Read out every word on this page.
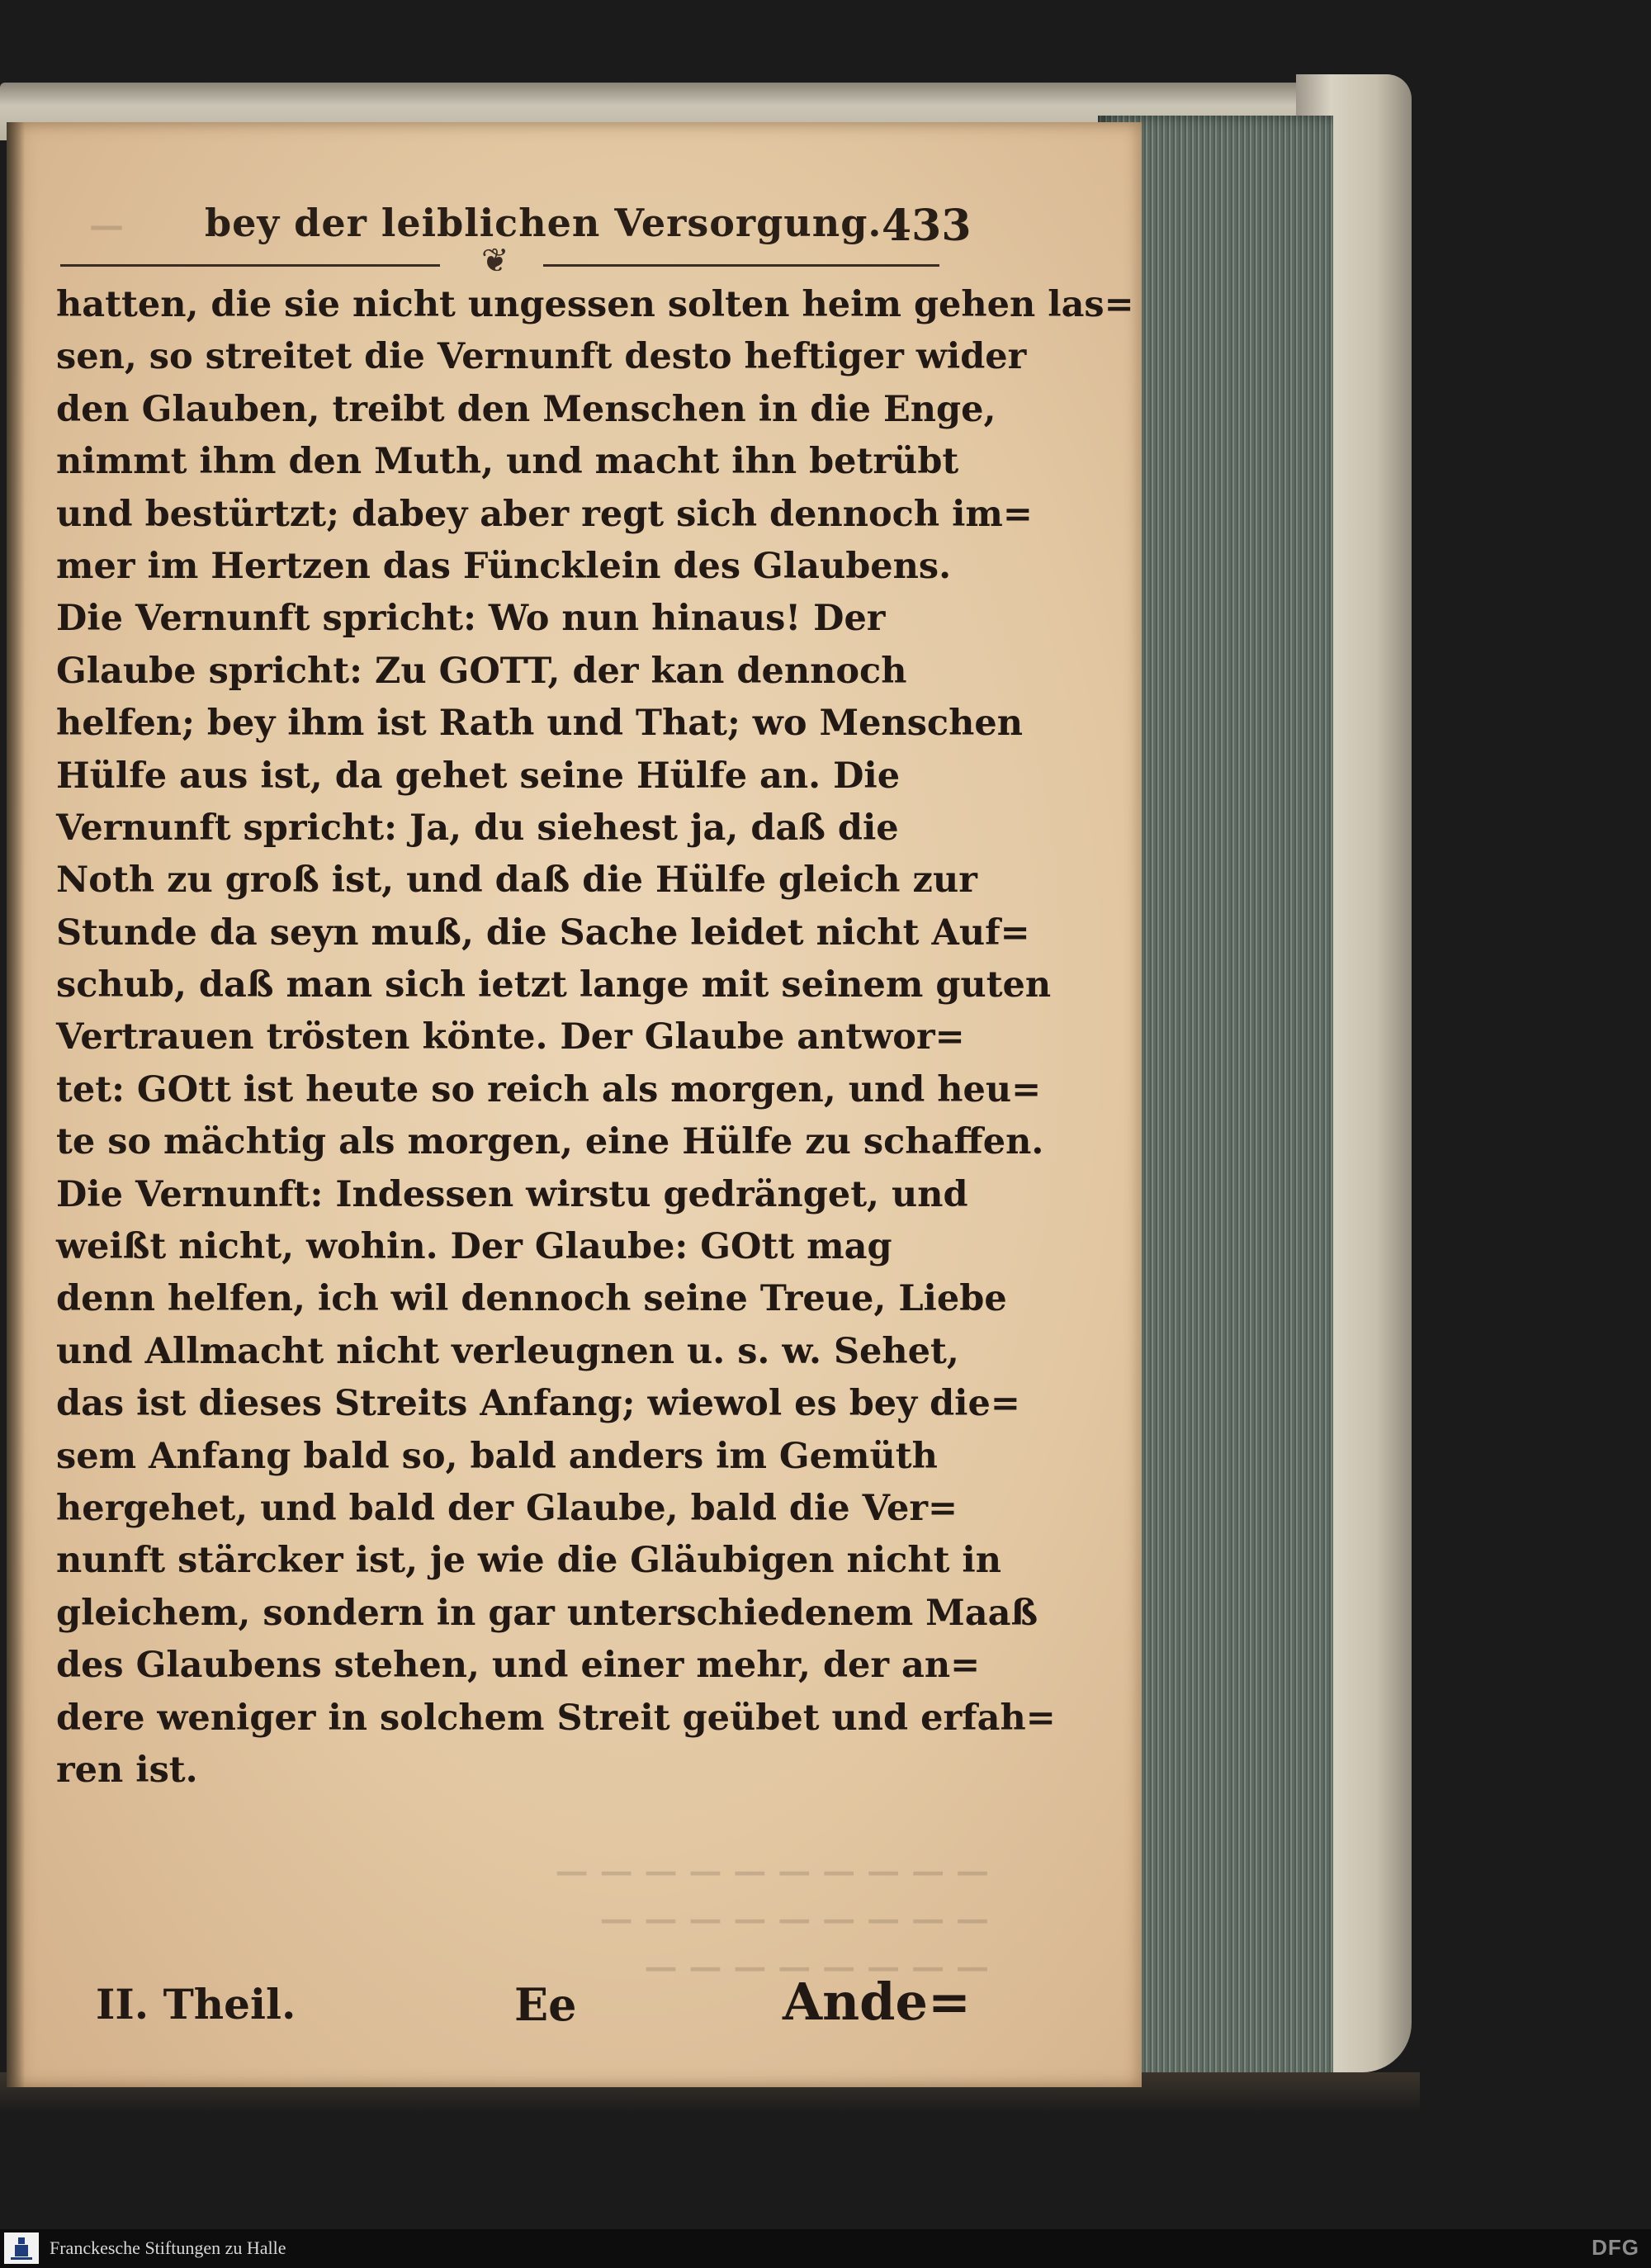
— bey der leiblichen Versorgung. 433
❦
hatten, die sie nicht ungessen solten heim gehen las=
sen, so streitet die Vernunft desto heftiger wider
den Glauben, treibt den Menschen in die Enge,
nimmt ihm den Muth, und macht ihn betrübt
und bestürtzt; dabey aber regt sich dennoch im=
mer im Hertzen das Füncklein des Glaubens.
Die Vernunft spricht: Wo nun hinaus! Der
Glaube spricht: Zu GOTT, der kan dennoch
helfen; bey ihm ist Rath und That; wo Menschen
Hülfe aus ist, da gehet seine Hülfe an. Die
Vernunft spricht: Ja, du siehest ja, daß die
Noth zu groß ist, und daß die Hülfe gleich zur
Stunde da seyn muß, die Sache leidet nicht Auf=
schub, daß man sich ietzt lange mit seinem guten
Vertrauen trösten könte. Der Glaube antwor=
tet: GOtt ist heute so reich als morgen, und heu=
te so mächtig als morgen, eine Hülfe zu schaffen.
Die Vernunft: Indessen wirstu gedränget, und
weißt nicht, wohin. Der Glaube: GOtt mag
denn helfen, ich wil dennoch seine Treue, Liebe
und Allmacht nicht verleugnen u. s. w. Sehet,
das ist dieses Streits Anfang; wiewol es bey die=
sem Anfang bald so, bald anders im Gemüth
hergehet, und bald der Glaube, bald die Ver=
nunft stärcker ist, je wie die Gläubigen nicht in
gleichem, sondern in gar unterschiedenem Maaß
des Glaubens stehen, und einer mehr, der an=
dere weniger in solchem Streit geübet und erfah=
ren ist.
— — — — — — — — — —
— — — — — — — — —
— — — — — — — —
II. Theil.	Ee	Ande=
Franckesche Stiftungen zu Halle	DFG
